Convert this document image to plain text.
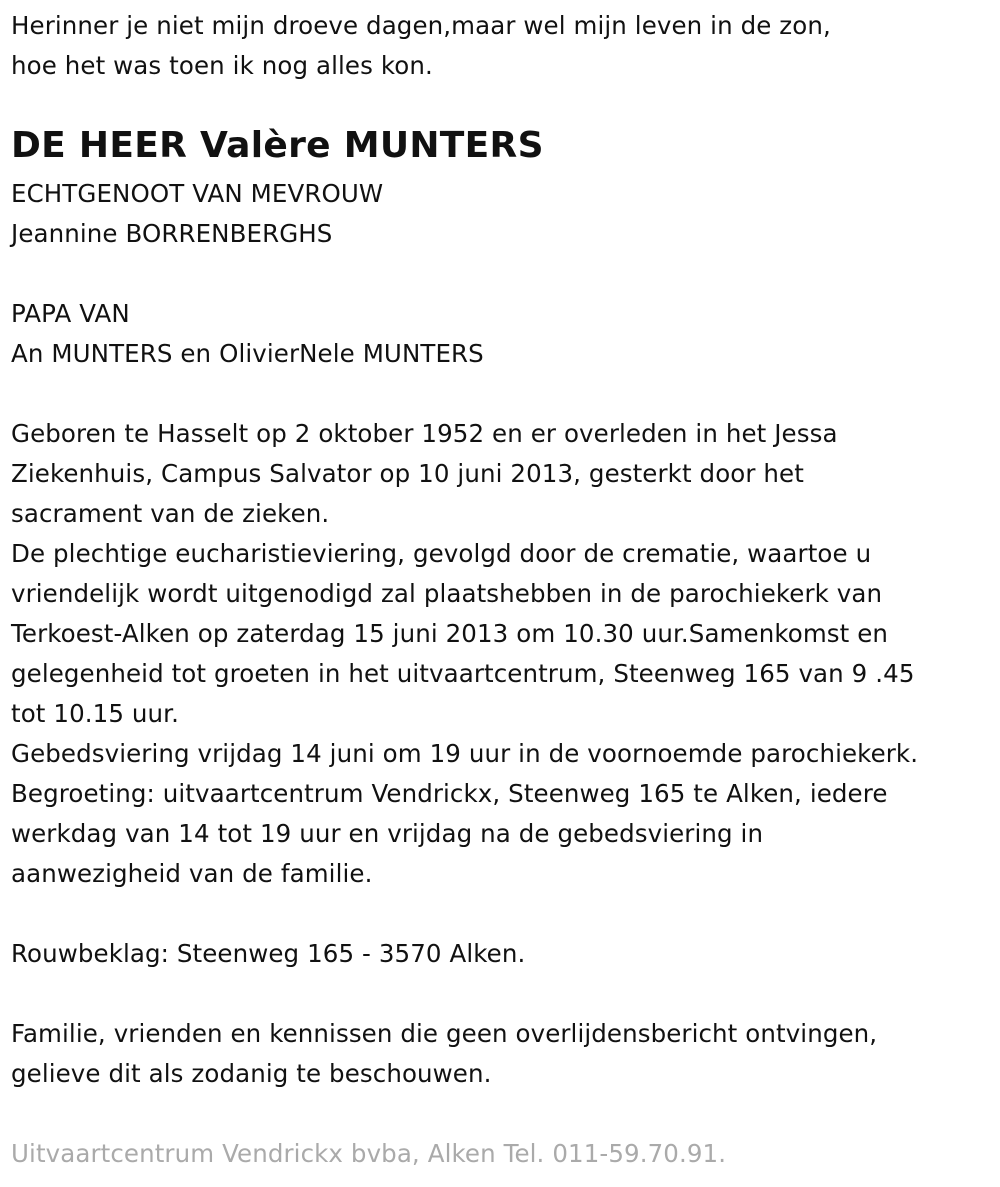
Herinner je niet mijn droeve dagen,maar wel mijn leven in de zon,
hoe het was toen ik nog alles kon.
DE HEER Valère MUNTERS
ECHTGENOOT VAN MEVROUW
Jeannine BORRENBERGHS
PAPA VAN
An MUNTERS en OlivierNele MUNTERS
Geboren te Hasselt op 2 oktober 1952 en er overleden in het Jessa
Ziekenhuis, Campus Salvator op 10 juni 2013, gesterkt door het
sacrament van de zieken.
De plechtige eucharistieviering, gevolgd door de crematie, waartoe u
vriendelijk wordt uitgenodigd zal plaatshebben in de parochiekerk van
Terkoest-Alken op zaterdag 15 juni 2013 om 10.30 uur.Samenkomst en
gelegenheid tot groeten in het uitvaartcentrum, Steenweg 165 van 9 .45
tot 10.15 uur.
Gebedsviering vrijdag 14 juni om 19 uur in de voornoemde parochiekerk.
Begroeting: uitvaartcentrum Vendrickx, Steenweg 165 te Alken, iedere
werkdag van 14 tot 19 uur en vrijdag na de gebedsviering in
aanwezigheid van de familie.
Rouwbeklag: Steenweg 165 - 3570 Alken.
Familie, vrienden en kennissen die geen overlijdensbericht ontvingen,
gelieve dit als zodanig te beschouwen.
Uitvaartcentrum Vendrickx bvba, Alken Tel. 011-59.70.91.
